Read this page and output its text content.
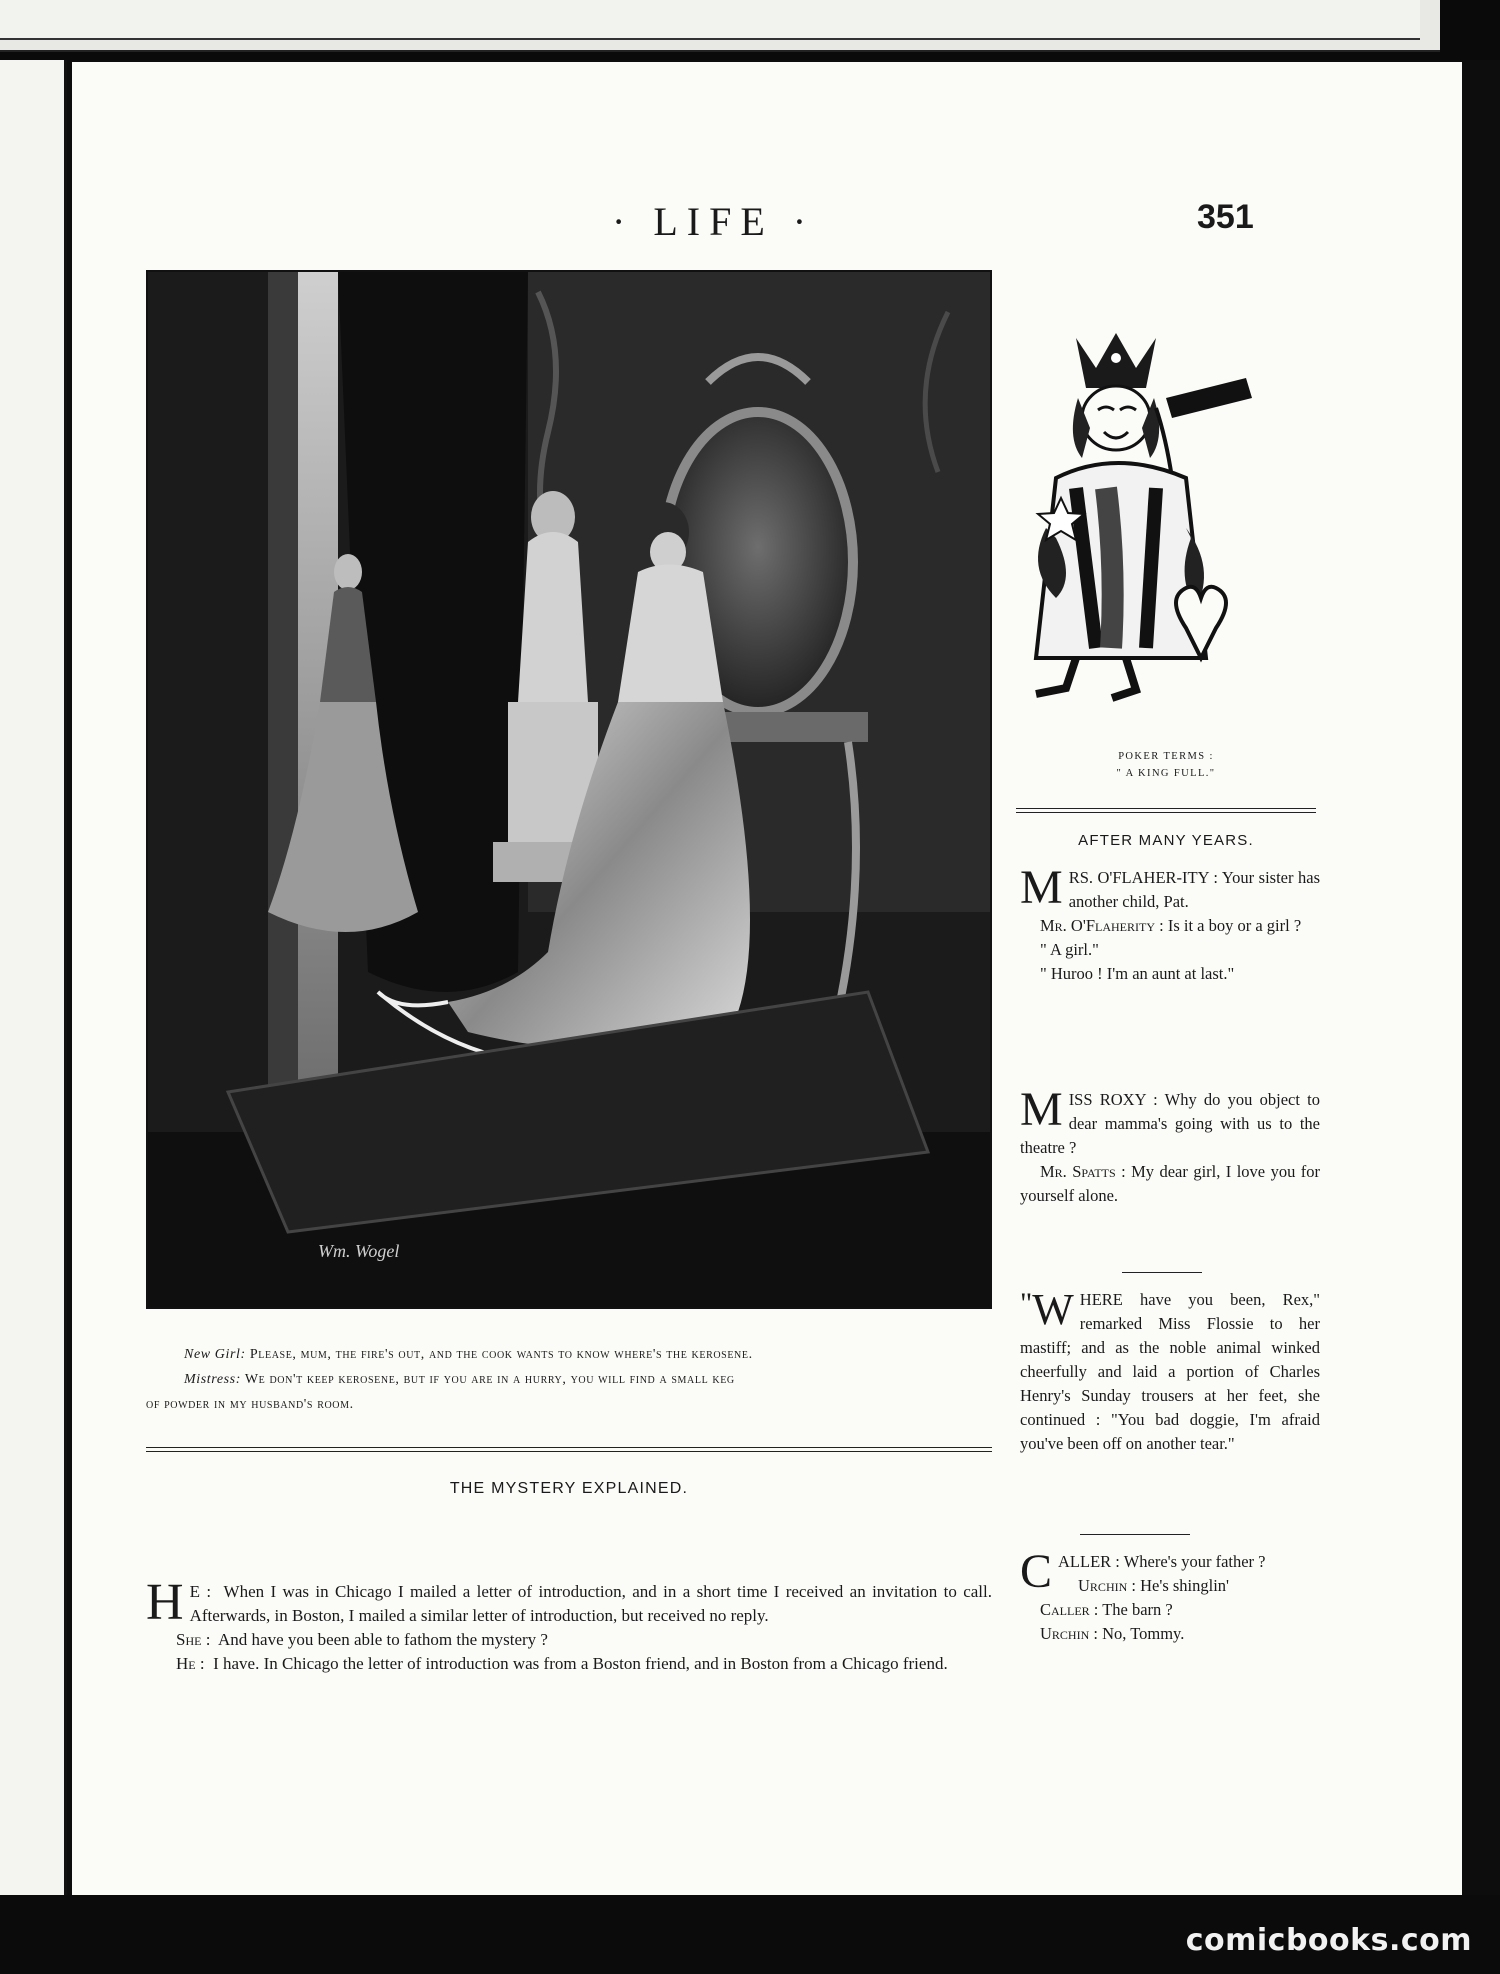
· LIFE ·	351
Wm. Wogel

New Girl: Please, mum, the fire's out, and the cook wants to know where's the kerosene.

Mistress: We don't keep kerosene, but if you are in a hurry, you will find a small keg

of powder in my husband's room.

THE MYSTERY EXPLAINED.

H E : When I was in Chicago I mailed a letter of introduction, and in a short time I received an invitation to call. Afterwards, in Boston, I mailed a similar letter of introduction, but received no reply.

She : And have you been able to fathom the mystery ?

He : I have. In Chicago the letter of introduction was from a Boston friend, and in Boston from a Chicago friend.

POKER TERMS :

" A KING FULL."

AFTER MANY YEARS.

MRS. O'FLAHER-ITY : Your sister has another child, Pat.

Mr. O'Flaherity : Is it a boy or a girl ?

" A girl."

" Huroo ! I'm an aunt at last."

MISS ROXY : Why do you object to dear mamma's going with us to the theatre ?

Mr. Spatts : My dear girl, I love you for yourself alone.

"W HERE have you been, Rex," remarked Miss Flossie to her mastiff; and as the noble animal winked cheerfully and laid a portion of Charles Henry's Sunday trousers at her feet, she continued : "You bad doggie, I'm afraid you've been off on another tear."

CALLER : Where's your father ?

Urchin : He's shinglin'

Caller : The barn ?

Urchin : No, Tommy.

comicbooks.com
